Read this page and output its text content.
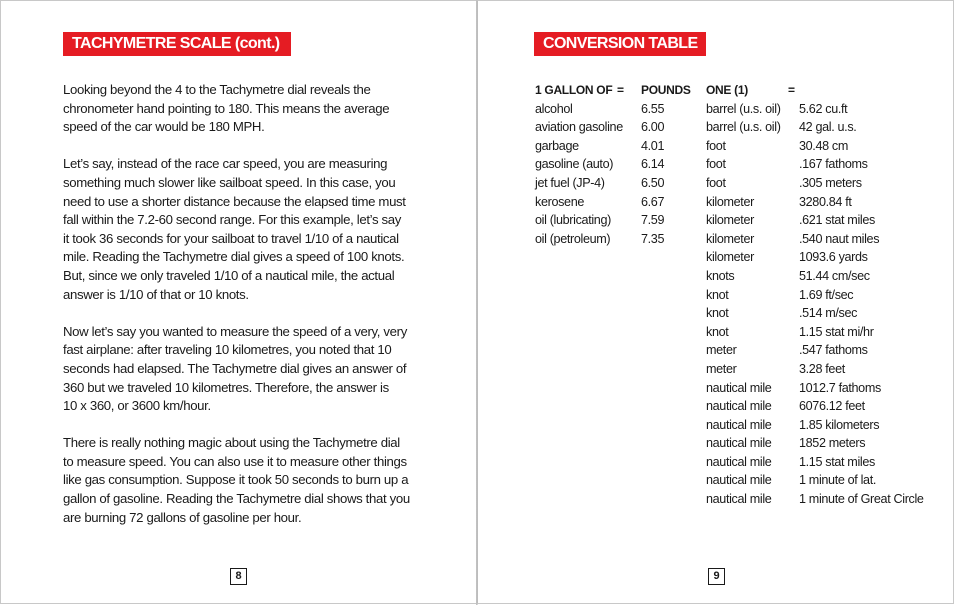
TACHYMETRE SCALE (cont.)

Looking beyond the 4 to the Tachymetre dial reveals the
chronometer hand pointing to 180. This means the average
speed of the car would be 180 MPH.

Let’s say, instead of the race car speed, you are measuring
something much slower like sailboat speed. In this case, you
need to use a shorter distance because the elapsed time must
fall within the 7.2-60 second range. For this example, let’s say
it took 36 seconds for your sailboat to travel 1/10 of a nautical
mile. Reading the Tachymetre dial gives a speed of 100 knots.
But, since we only traveled 1/10 of a nautical mile, the actual
answer is 1/10 of that or 10 knots.

Now let’s say you wanted to measure the speed of a very, very
fast airplane: after traveling 10 kilometres, you noted that 10
seconds had elapsed. The Tachymetre dial gives an answer of
360 but we traveled 10 kilometres. Therefore, the answer is
10 x 360, or 3600 km/hour.

There is really nothing magic about using the Tachymetre dial
to measure speed. You can also use it to measure other things
like gas consumption. Suppose it took 50 seconds to burn up a
gallon of gasoline. Reading the Tachymetre dial shows that you
are burning 72 gallons of gasoline per hour.

8
CONVERSION TABLE
1 GALLON OF = POUNDS
alcohol	6.55
aviation gasoline 6.00
garbage	4.01
gasoline (auto) 6.14
jet fuel (JP-4)	6.50
kerosene	6.67
oil (lubricating) 7.59
oil (petroleum) 7.35
ONE (1)	=
barrel (u.s. oil) 5.62 cu.ft
barrel (u.s. oil) 42 gal. u.s.
foot	30.48 cm
foot	.167 fathoms
foot	.305 meters
kilometer	3280.84 ft
kilometer	.621 stat miles
kilometer	.540 naut miles
kilometer	1093.6 yards
knots	51.44 cm/sec
knot	1.69 ft/sec
knot	.514 m/sec
knot	1.15 stat mi/hr
meter	.547 fathoms
meter	3.28 feet
nautical mile 1012.7 fathoms
nautical mile 6076.12 feet
nautical mile 1.85 kilometers
nautical mile 1852 meters
nautical mile 1.15 stat miles
nautical mile 1 minute of lat.
nautical mile 1 minute of Great Circle
9
